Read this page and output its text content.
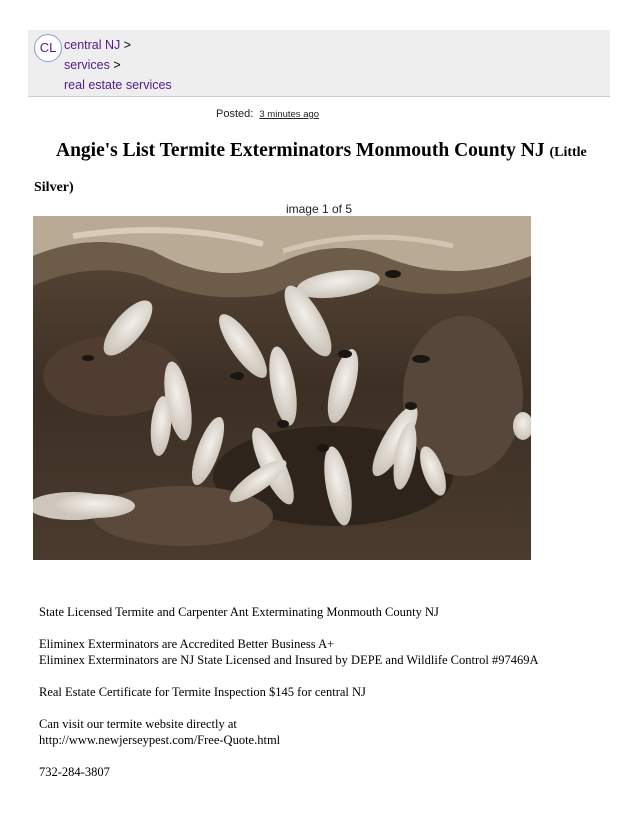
CL central NJ >
services >
real estate services
Posted: 3 minutes ago
Angie's List Termite Exterminators Monmouth County NJ (Little Silver)
image 1 of 5
State Licensed Termite and Carpenter Ant Exterminating Monmouth County NJ
Eliminex Exterminators are Accredited Better Business A+
Eliminex Exterminators are NJ State Licensed and Insured by DEPE and Wildlife Control #97469A
Real Estate Certificate for Termite Inspection $145 for central NJ
Can visit our termite website directly at
http://www.newjerseypest.com/Free-Quote.html
732-284-3807
